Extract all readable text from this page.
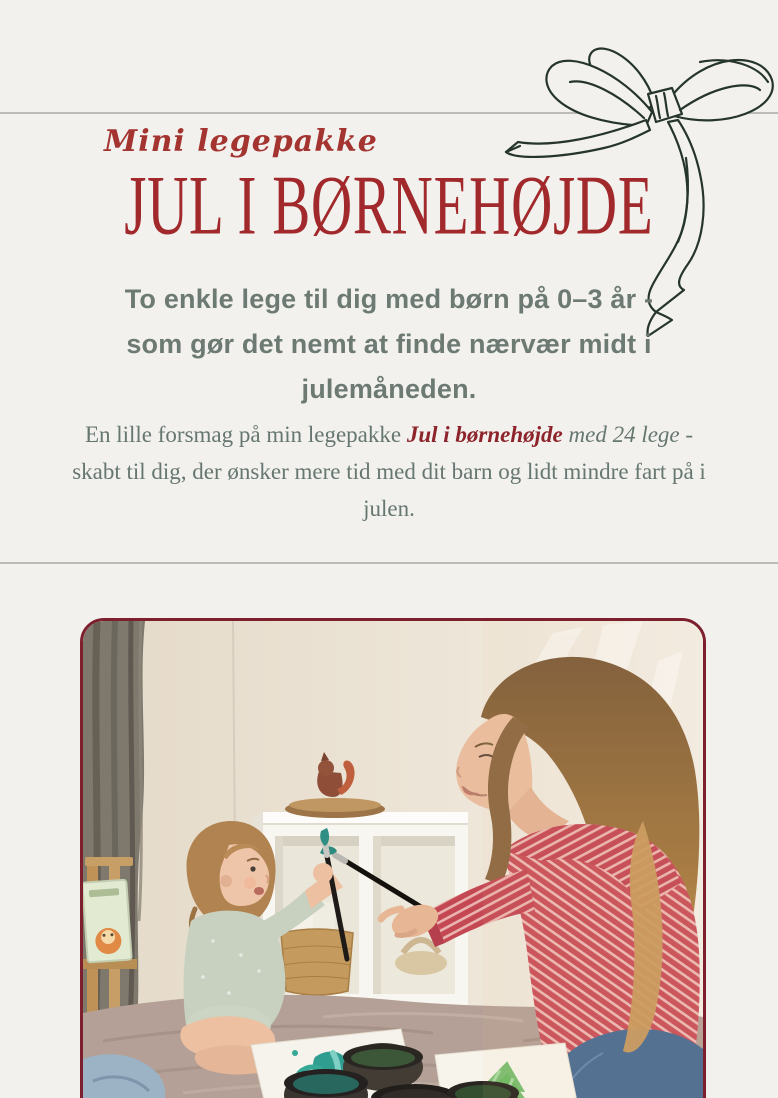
Mini legepakke
JUL I BØRNEHØJDE
To enkle lege til dig med børn på 0–3 år -
som gør det nemt at finde nærvær midt i
julemåneden.
En lille forsmag på min legepakke Jul i børnehøjde med 24 lege - skabt til dig, der ønsker mere tid med dit barn og lidt mindre fart på i julen.
